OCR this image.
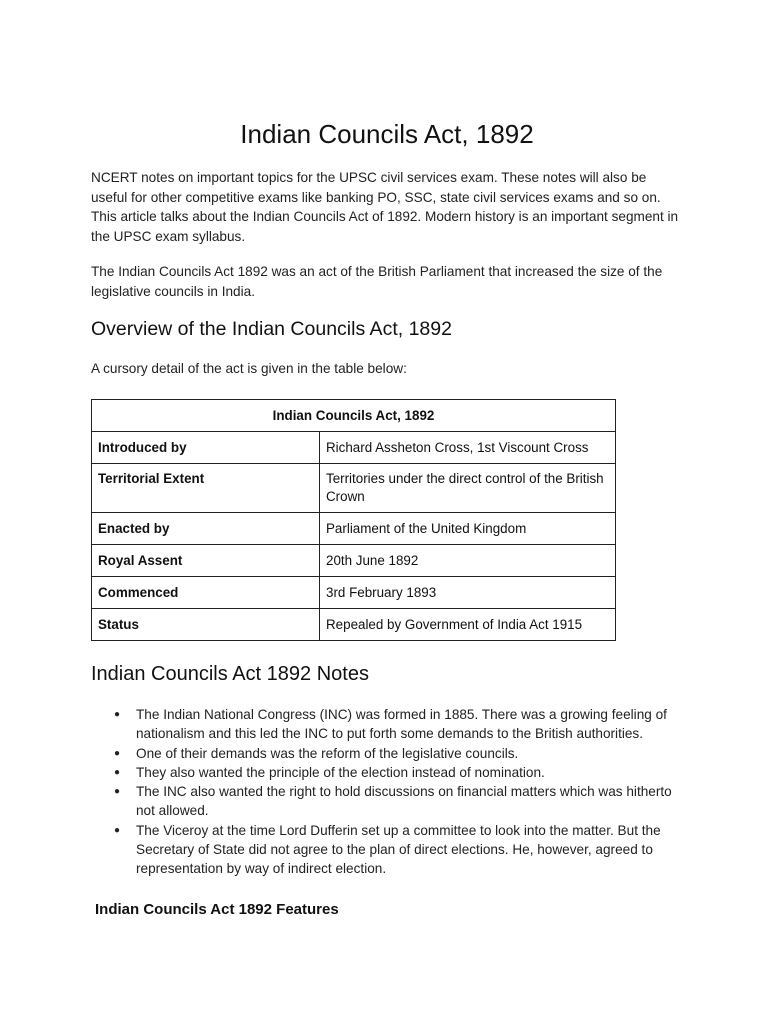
Indian Councils Act, 1892

NCERT notes on important topics for the UPSC civil services exam. These notes will also be useful for other competitive exams like banking PO, SSC, state civil services exams and so on. This article talks about the Indian Councils Act of 1892. Modern history is an important segment in the UPSC exam syllabus.

The Indian Councils Act 1892 was an act of the British Parliament that increased the size of the legislative councils in India.

Overview of the Indian Councils Act, 1892

A cursory detail of the act is given in the table below:

Indian Councils Act, 1892	
Introduced by	Richard Assheton Cross, 1st Viscount Cross
Territorial Extent	Territories under the direct control of the British Crown
Enacted by	Parliament of the United Kingdom
Royal Assent	20th June 1892
Commenced	3rd February 1893
Status	Repealed by Government of India Act 1915
Indian Councils Act 1892 Notes
● The Indian National Congress (INC) was formed in 1885. There was a growing feeling of nationalism and this led the INC to put forth some demands to the British authorities.
● One of their demands was the reform of the legislative councils.
● They also wanted the principle of the election instead of nomination.
● The INC also wanted the right to hold discussions on financial matters which was hitherto not allowed.
● The Viceroy at the time Lord Dufferin set up a committee to look into the matter. But the Secretary of State did not agree to the plan of direct elections. He, however, agreed to representation by way of indirect election.
Indian Councils Act 1892 Features
